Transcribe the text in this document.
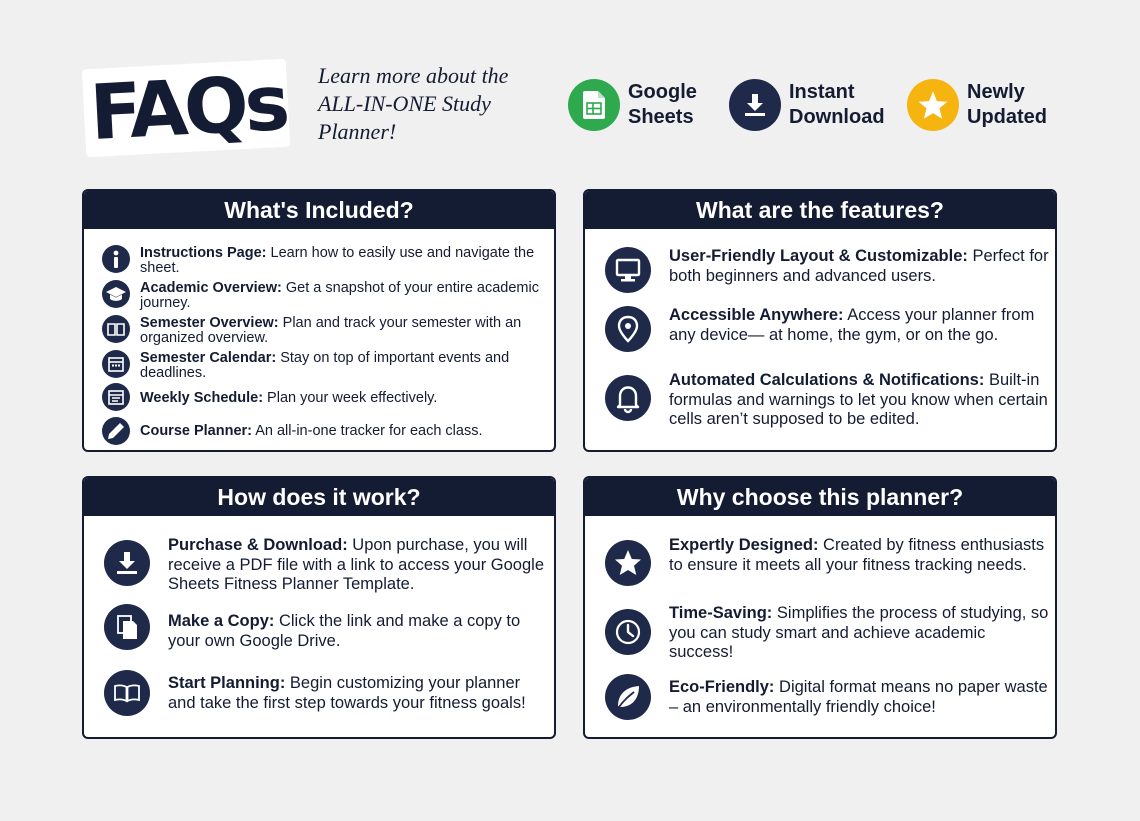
FAQs Learn more about the ALL-IN-ONE Study Planner!
Google
Sheets
Instant
Download
Newly
Updated
What's Included?
Instructions Page: Learn how to easily use and navigate the sheet.
Academic Overview: Get a snapshot of your entire academic journey.
Semester Overview: Plan and track your semester with an organized overview.
Semester Calendar: Stay on top of important events and deadlines.
Weekly Schedule: Plan your week effectively.
Course Planner: An all-in-one tracker for each class.
What are the features?
User-Friendly Layout & Customizable: Perfect for both beginners and advanced users.
Accessible Anywhere: Access your planner from any device— at home, the gym, or on the go.
Automated Calculations & Notifications: Built-in formulas and warnings to let you know when certain cells aren’t supposed to be edited.
How does it work?
Purchase & Download: Upon purchase, you will receive a PDF file with a link to access your Google Sheets Fitness Planner Template.
Make a Copy: Click the link and make a copy to your own Google Drive.
Start Planning: Begin customizing your planner and take the first step towards your fitness goals!
Why choose this planner?
Expertly Designed: Created by fitness enthusiasts to ensure it meets all your fitness tracking needs.
Time-Saving: Simplifies the process of studying, so you can study smart and achieve academic success!
Eco-Friendly: Digital format means no paper waste – an environmentally friendly choice!
